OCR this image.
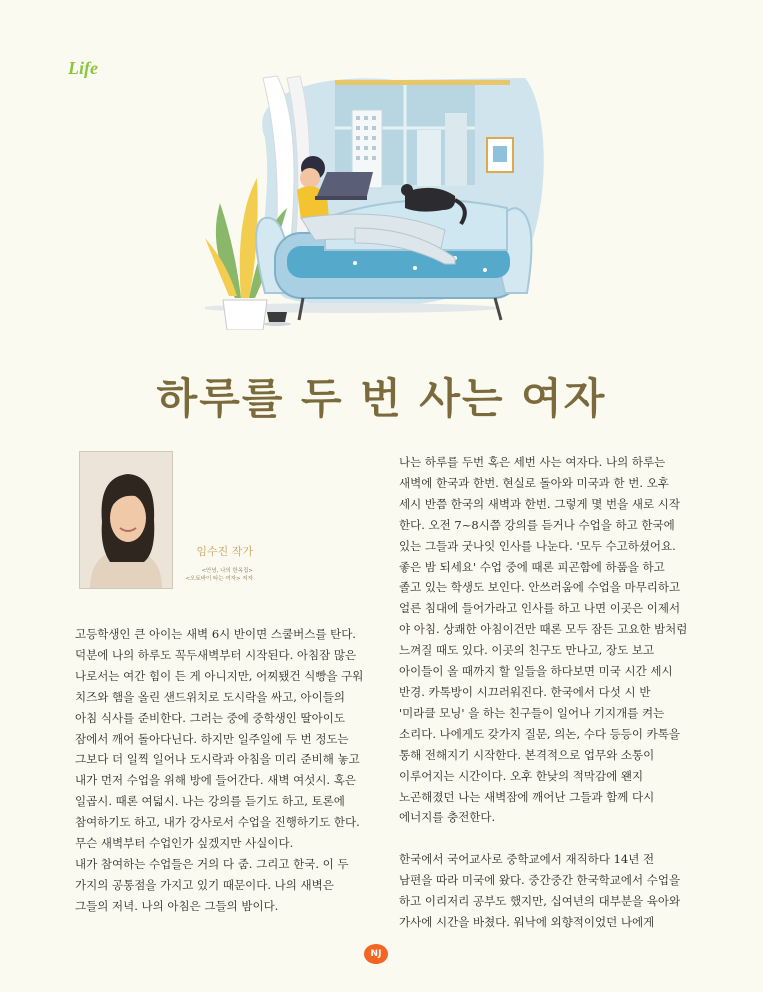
Life
하루를 두 번 사는 여자
임수진 작가
<안녕, 나의 한옥집>
<오토바이 타는 여자> 저자
고등학생인 큰 아이는 새벽 6시 반이면 스쿨버스를 탄다.
덕분에 나의 하루도 꼭두새벽부터 시작된다. 아침잠 많은
나로서는 여간 힘이 든 게 아니지만, 어찌됐건 식빵을 구워
치즈와 햄을 올린 샌드위치로 도시락을 싸고, 아이들의
아침 식사를 준비한다. 그러는 중에 중학생인 딸아이도
잠에서 깨어 돌아다닌다. 하지만 일주일에 두 번 정도는
그보다 더 일찍 일어나 도시락과 아침을 미리 준비해 놓고
내가 먼저 수업을 위해 방에 들어간다. 새벽 여섯시. 혹은
일곱시. 때론 여덟시. 나는 강의를 듣기도 하고, 토론에
참여하기도 하고, 내가 강사로서 수업을 진행하기도 한다.
무슨 새벽부터 수업인가 싶겠지만 사실이다.
내가 참여하는 수업들은 거의 다 줌. 그리고 한국. 이 두
가지의 공통점을 가지고 있기 때문이다. 나의 새벽은
그들의 저녁. 나의 아침은 그들의 밤이다.
나는 하루를 두번 혹은 세번 사는 여자다. 나의 하루는
새벽에 한국과 한번. 현실로 돌아와 미국과 한 번. 오후
세시 반쯤 한국의 새벽과 한번. 그렇게 몇 번을 새로 시작
한다. 오전 7~8시쯤 강의를 듣거나 수업을 하고 한국에
있는 그들과 굿나잇 인사를 나눈다. '모두 수고하셨어요.
좋은 밤 되세요' 수업 중에 때론 피곤함에 하품을 하고
졸고 있는 학생도 보인다. 안쓰러움에 수업을 마무리하고
얼른 침대에 들어가라고 인사를 하고 나면 이곳은 이제서
야 아침. 상쾌한 아침이건만 때론 모두 잠든 고요한 밤처럼
느껴질 때도 있다. 이곳의 친구도 만나고, 장도 보고
아이들이 올 때까지 할 일들을 하다보면 미국 시간 세시
반경. 카톡방이 시끄러워진다. 한국에서 다섯 시 반
'미라클 모닝' 을 하는 친구들이 일어나 기지개를 켜는
소리다. 나에게도 갖가지 질문, 의논, 수다 등등이 카톡을
통해 전해지기 시작한다. 본격적으로 업무와 소통이
이루어지는 시간이다. 오후 한낮의 적막감에 왠지
노곤해졌던 나는 새벽잠에 깨어난 그들과 함께 다시
에너지를 충전한다.
한국에서 국어교사로 중학교에서 재직하다 14년 전
남편을 따라 미국에 왔다. 중간중간 한국학교에서 수업을
하고 이리저리 공부도 했지만, 십여년의 대부분을 육아와
가사에 시간을 바쳤다. 워낙에 외향적이었던 나에게
NJ
